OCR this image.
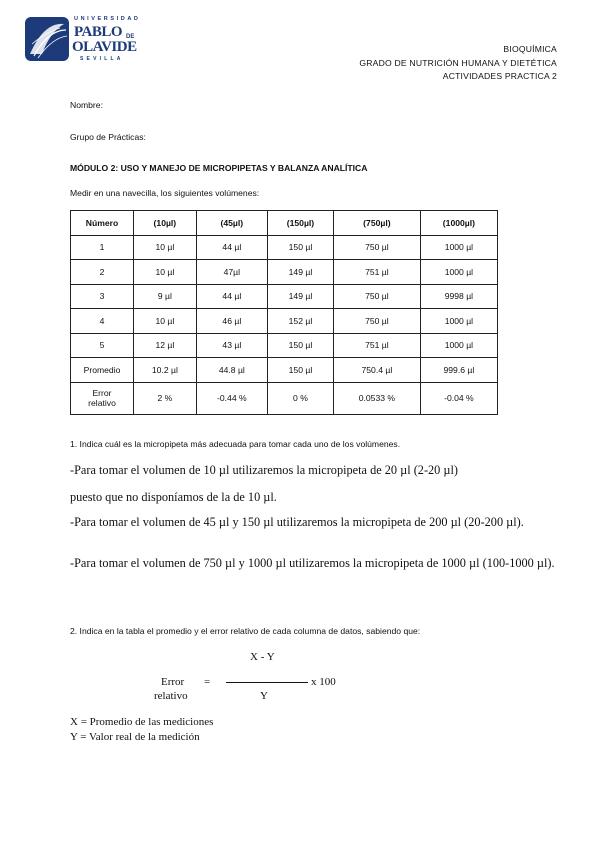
UNIVERSIDAD
PABLO DE
OLAVIDE
SEVILLA
BIOQUÍMICA
GRADO DE NUTRICIÓN HUMANA Y DIETÉTICA
ACTIVIDADES PRACTICA 2
Nombre:
Grupo de Prácticas:
MÓDULO 2: USO Y MANEJO DE MICROPIPETAS Y BALANZA ANALÍTICA
Medir en una navecilla, los siguientes volúmenes:
Número	(10µl)	(45µl)	(150µl)	(750µl)	(1000µl)
1	10 µl	44 µl	150 µl	750 µl	1000 µl
2	10 µl	47µl	149 µl	751 µl	1000 µl
3	9 µl	44 µl	149 µl	750 µl	9998 µl
4	10 µl	46 µl	152 µl	750 µl	1000 µl
5	12 µl	43 µl	150 µl	751 µl	1000 µl
Promedio	10.2 µl	44.8 µl	150 µl	750.4 µl	999.6 µl

Error
relativo	2 %	-0.44 %	0 %	0.0533 %	-0.04 %
1. Indica cuál es la micropipeta más adecuada para tomar cada uno de los volúmenes.
-Para tomar el volumen de 10 µl utilizaremos la micropipeta de 20 µl (2-20 µl)
puesto que no disponíamos de la de 10 µl.
-Para tomar el volumen de 45 µl y 150 µl utilizaremos la micropipeta de 200 µl (20-200 µl).
-Para tomar el volumen de 750 µl y 1000 µl utilizaremos la micropipeta de 1000 µl (100-1000 µl).
2. Indica en la tabla el promedio y el error relativo de cada columna de datos, sabiendo que:
X - Y
Error
relativo
=	x 100
Y
X = Promedio de las mediciones
Y = Valor real de la medición
